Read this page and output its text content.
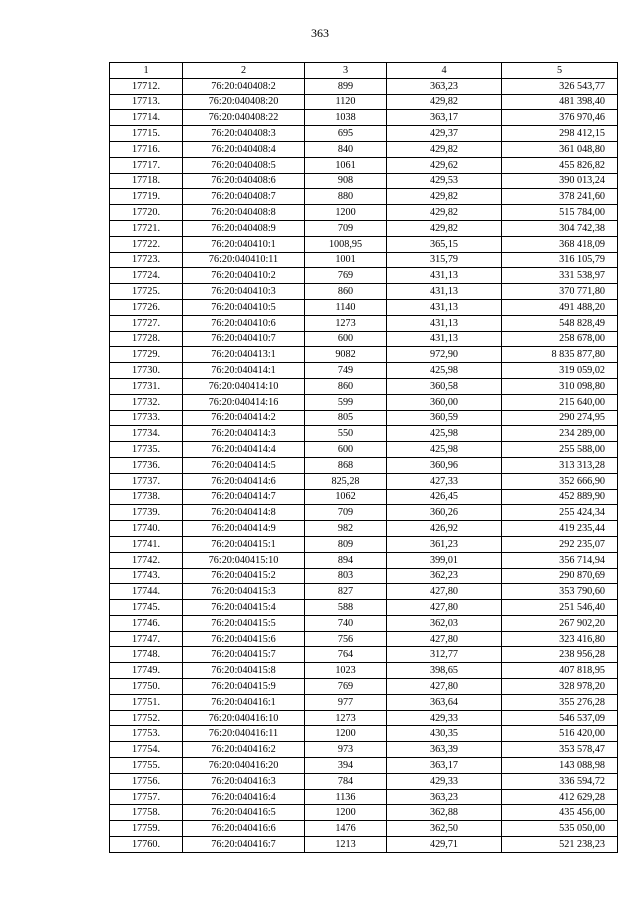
363
1	2	3	4	5
17712.	76:20:040408:2	899	363,23	326 543,77
17713.	76:20:040408:20	1120	429,82	481 398,40
17714.	76:20:040408:22	1038	363,17	376 970,46
17715.	76:20:040408:3	695	429,37	298 412,15
17716.	76:20:040408:4	840	429,82	361 048,80
17717.	76:20:040408:5	1061	429,62	455 826,82
17718.	76:20:040408:6	908	429,53	390 013,24
17719.	76:20:040408:7	880	429,82	378 241,60
17720.	76:20:040408:8	1200	429,82	515 784,00
17721.	76:20:040408:9	709	429,82	304 742,38
17722.	76:20:040410:1	1008,95	365,15	368 418,09
17723.	76:20:040410:11	1001	315,79	316 105,79
17724.	76:20:040410:2	769	431,13	331 538,97
17725.	76:20:040410:3	860	431,13	370 771,80
17726.	76:20:040410:5	1140	431,13	491 488,20
17727.	76:20:040410:6	1273	431,13	548 828,49
17728.	76:20:040410:7	600	431,13	258 678,00
17729.	76:20:040413:1	9082	972,90	8 835 877,80
17730.	76:20:040414:1	749	425,98	319 059,02
17731.	76:20:040414:10	860	360,58	310 098,80
17732.	76:20:040414:16	599	360,00	215 640,00
17733.	76:20:040414:2	805	360,59	290 274,95
17734.	76:20:040414:3	550	425,98	234 289,00
17735.	76:20:040414:4	600	425,98	255 588,00
17736.	76:20:040414:5	868	360,96	313 313,28
17737.	76:20:040414:6	825,28	427,33	352 666,90
17738.	76:20:040414:7	1062	426,45	452 889,90
17739.	76:20:040414:8	709	360,26	255 424,34
17740.	76:20:040414:9	982	426,92	419 235,44
17741.	76:20:040415:1	809	361,23	292 235,07
17742.	76:20:040415:10	894	399,01	356 714,94
17743.	76:20:040415:2	803	362,23	290 870,69
17744.	76:20:040415:3	827	427,80	353 790,60
17745.	76:20:040415:4	588	427,80	251 546,40
17746.	76:20:040415:5	740	362,03	267 902,20
17747.	76:20:040415:6	756	427,80	323 416,80
17748.	76:20:040415:7	764	312,77	238 956,28
17749.	76:20:040415:8	1023	398,65	407 818,95
17750.	76:20:040415:9	769	427,80	328 978,20
17751.	76:20:040416:1	977	363,64	355 276,28
17752.	76:20:040416:10	1273	429,33	546 537,09
17753.	76:20:040416:11	1200	430,35	516 420,00
17754.	76:20:040416:2	973	363,39	353 578,47
17755.	76:20:040416:20	394	363,17	143 088,98
17756.	76:20:040416:3	784	429,33	336 594,72
17757.	76:20:040416:4	1136	363,23	412 629,28
17758.	76:20:040416:5	1200	362,88	435 456,00
17759.	76:20:040416:6	1476	362,50	535 050,00
17760.	76:20:040416:7	1213	429,71	521 238,23
